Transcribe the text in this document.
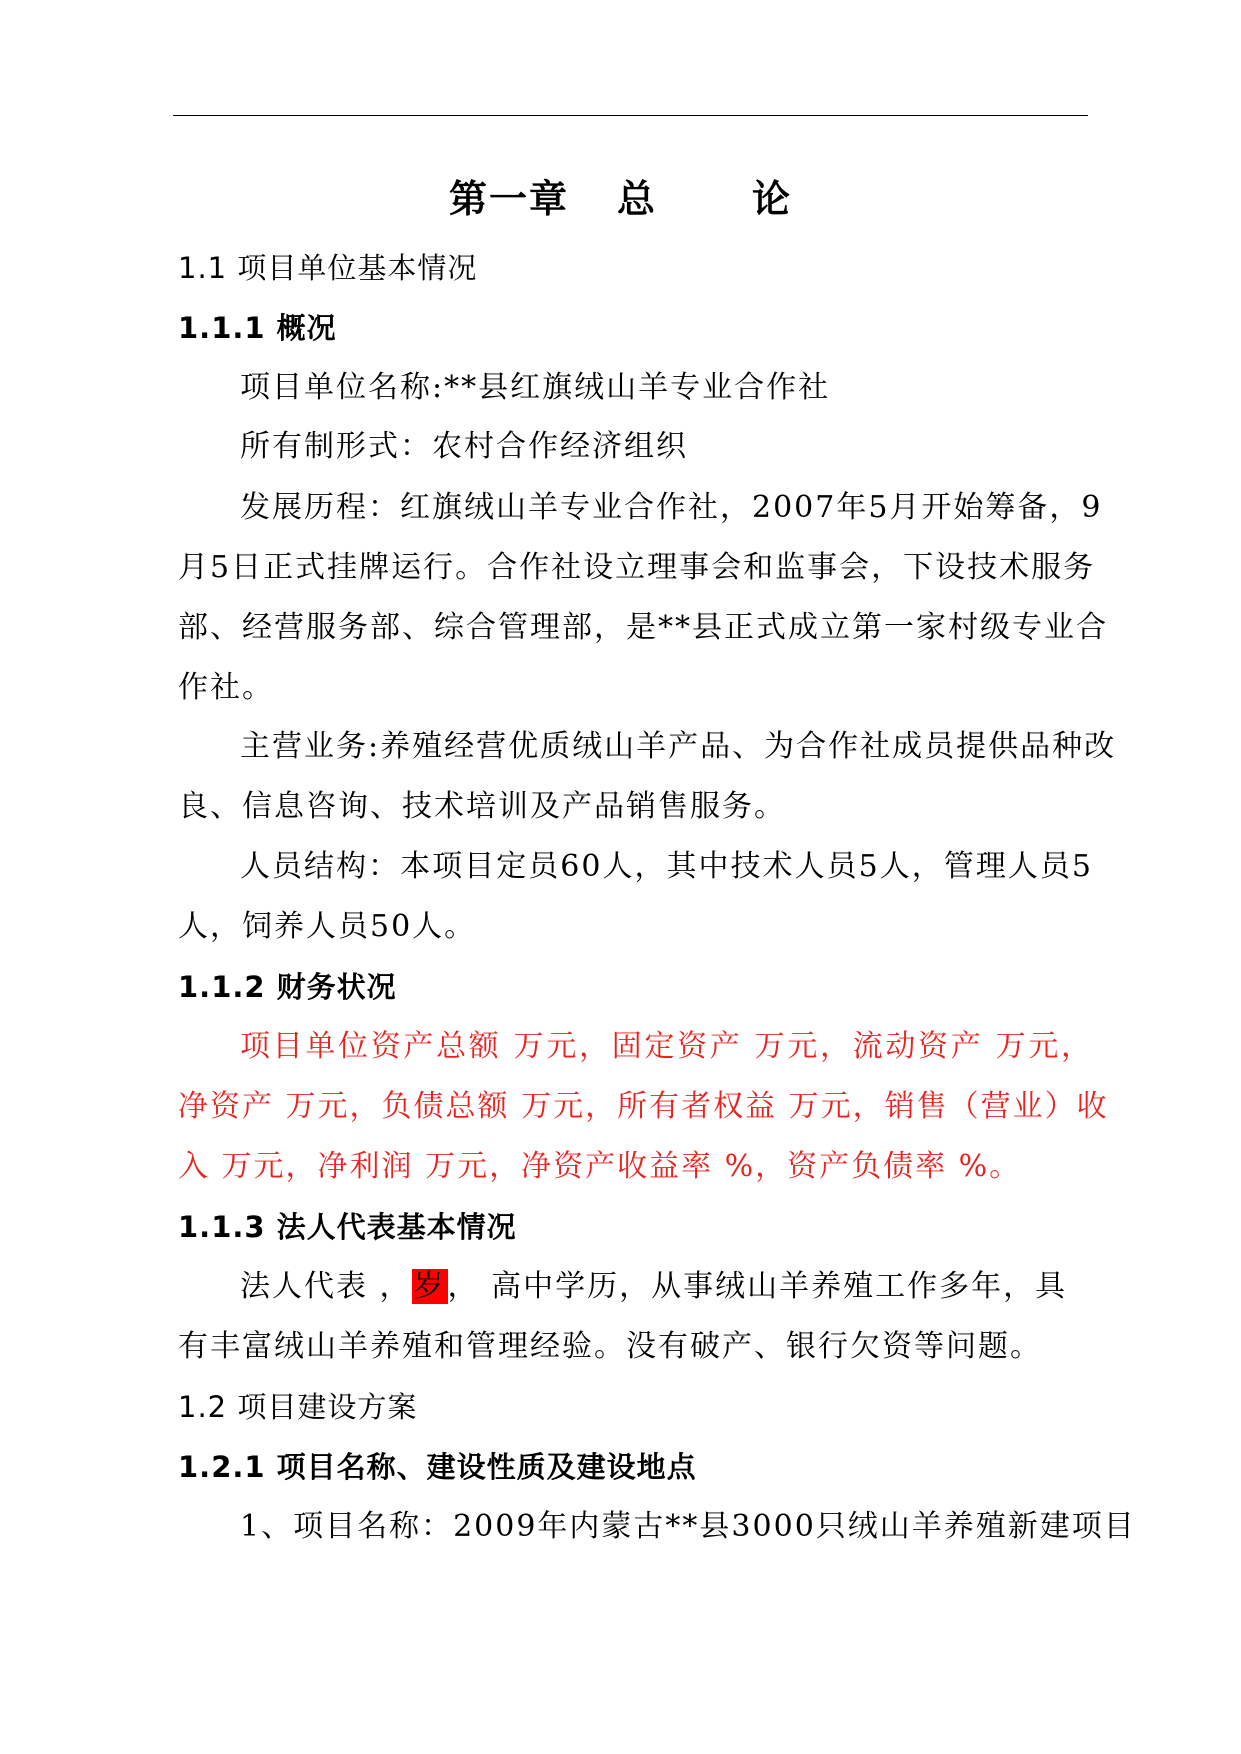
第一章 总	论
1.1 项目单位基本情况
1.1.1 概况
项目单位名称:**县红旗绒山羊专业合作社
所有制形式：农村合作经济组织
发展历程：红旗绒山羊专业合作社，2007年5月开始筹备，9
月5日正式挂牌运行。合作社设立理事会和监事会，下设技术服务
部、经营服务部、综合管理部，是**县正式成立第一家村级专业合
作社。
主营业务:养殖经营优质绒山羊产品、为合作社成员提供品种改
良、信息咨询、技术培训及产品销售服务。
人员结构：本项目定员60人，其中技术人员5人，管理人员5
人，饲养人员50人。
1.1.2 财务状况
项目单位资产总额 万元，固定资产 万元，流动资产 万元，
净资产 万元，负债总额 万元，所有者权益 万元，销售（营业）收
入 万元，净利润 万元，净资产收益率 %，资产负债率 %。
1.1.3 法人代表基本情况
法人代表 ，岁， 高中学历，从事绒山羊养殖工作多年，具
有丰富绒山羊养殖和管理经验。没有破产、银行欠资等问题。
1.2 项目建设方案
1.2.1 项目名称、建设性质及建设地点
1、项目名称：2009年内蒙古**县3000只绒山羊养殖新建项目
